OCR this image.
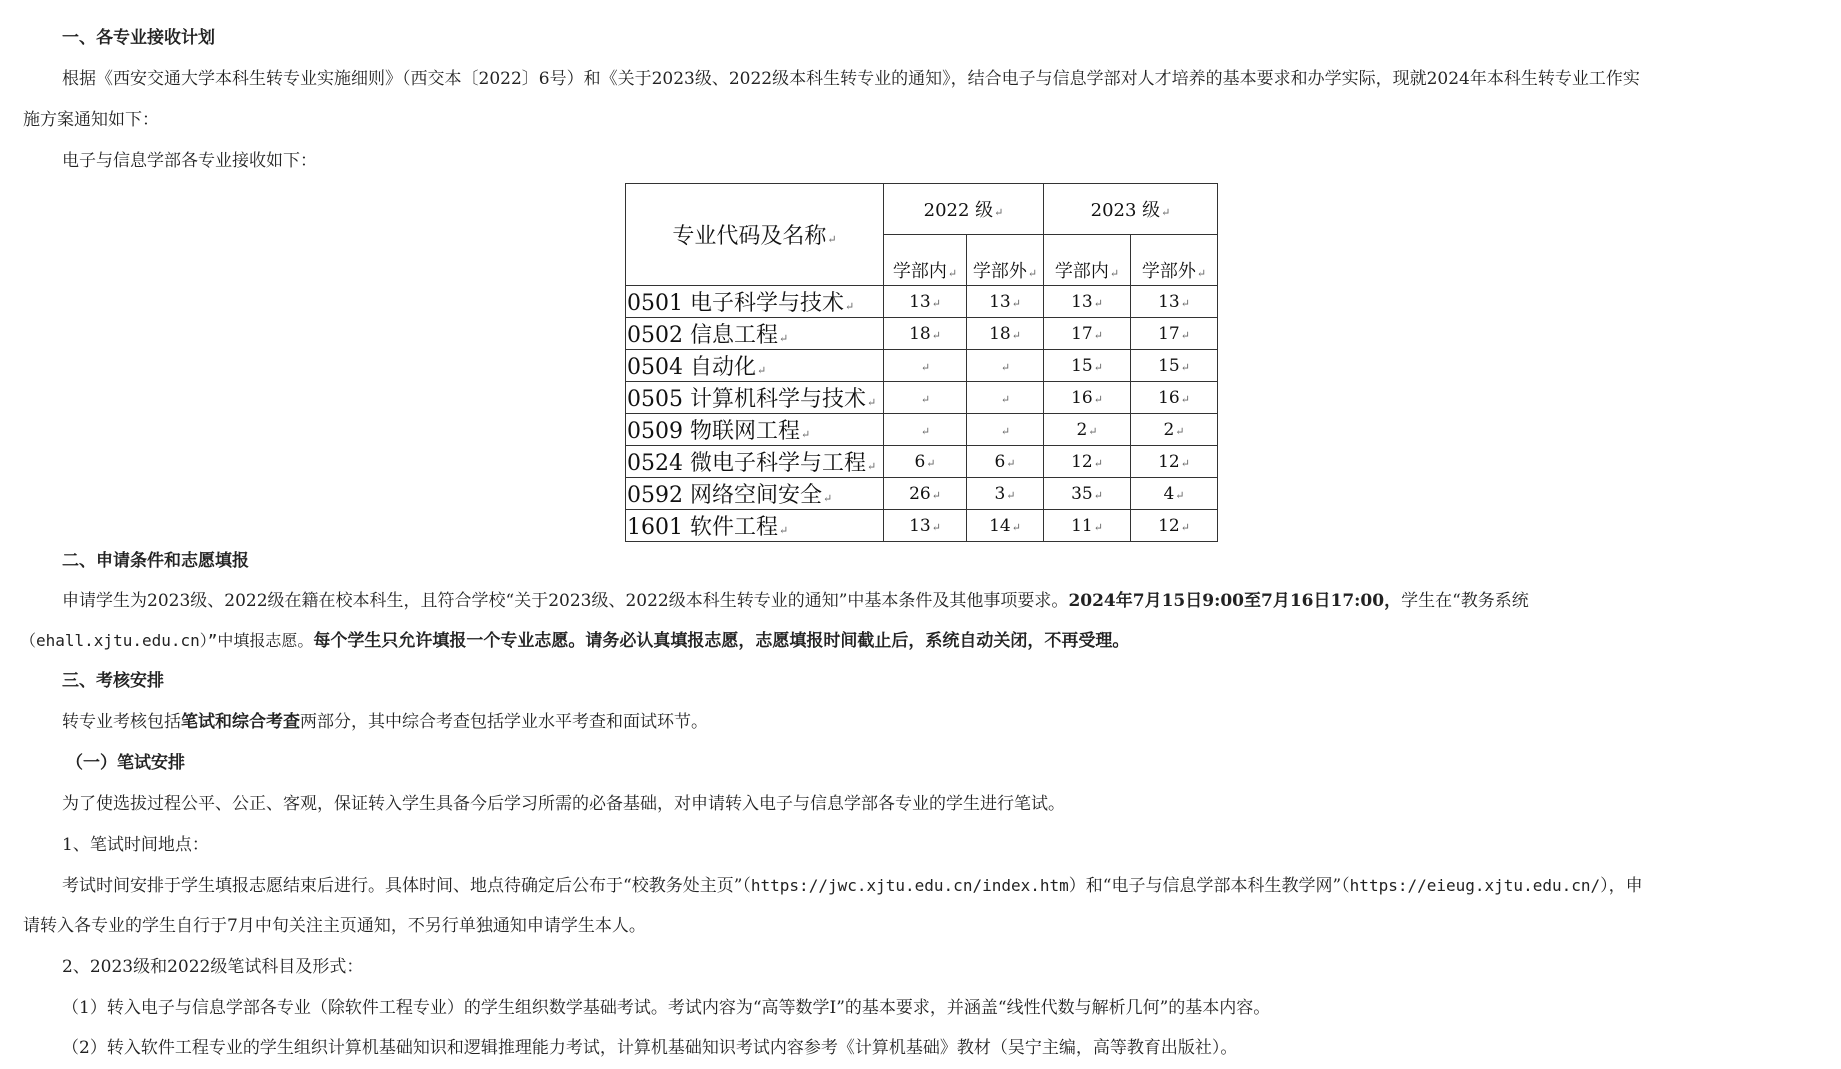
一、各专业接收计划
根据《西安交通大学本科生转专业实施细则》（西交本〔2022〕6号）和《关于2023级、2022级本科生转专业的通知》，结合电子与信息学部对人才培养的基本要求和办学实际，现就2024年本科生转专业工作实
施方案通知如下：
电子与信息学部各专业接收如下：
专业代码及名称↵	2022 级↵		2023 级↵	
	学部内↵	学部外↵	学部内↵	学部外↵
0501 电子科学与技术↵	13↵	13↵	13↵	13↵
0502 信息工程↵	18↵	18↵	17↵	17↵
0504 自动化↵	↵	↵	15↵	15↵
0505 计算机科学与技术↵	↵	↵	16↵	16↵
0509 物联网工程↵	↵	↵	2↵	2↵
0524 微电子科学与工程↵	6↵	6↵	12↵	12↵
0592 网络空间安全↵	26↵	3↵	35↵	4↵
1601 软件工程↵	13↵	14↵	11↵	12↵
二、申请条件和志愿填报
申请学生为2023级、2022级在籍在校本科生，且符合学校“关于2023级、2022级本科生转专业的通知”中基本条件及其他事项要求。2024年7月15日9:00至7月16日17:00，学生在“教务系统
（ehall.xjtu.edu.cn）”中填报志愿。每个学生只允许填报一个专业志愿。请务必认真填报志愿，志愿填报时间截止后，系统自动关闭，不再受理。
三、考核安排
转专业考核包括笔试和综合考查两部分，其中综合考查包括学业水平考查和面试环节。
（一）笔试安排
为了使选拔过程公平、公正、客观，保证转入学生具备今后学习所需的必备基础，对申请转入电子与信息学部各专业的学生进行笔试。
1、笔试时间地点：
考试时间安排于学生填报志愿结束后进行。具体时间、地点待确定后公布于“校教务处主页”（https://jwc.xjtu.edu.cn/index.htm）和“电子与信息学部本科生教学网”（https://eieug.xjtu.edu.cn/），申
请转入各专业的学生自行于7月中旬关注主页通知，不另行单独通知申请学生本人。
2、2023级和2022级笔试科目及形式：
（1）转入电子与信息学部各专业（除软件工程专业）的学生组织数学基础考试。考试内容为“高等数学I”的基本要求，并涵盖“线性代数与解析几何”的基本内容。
（2）转入软件工程专业的学生组织计算机基础知识和逻辑推理能力考试，计算机基础知识考试内容参考《计算机基础》教材（吴宁主编，高等教育出版社）。
